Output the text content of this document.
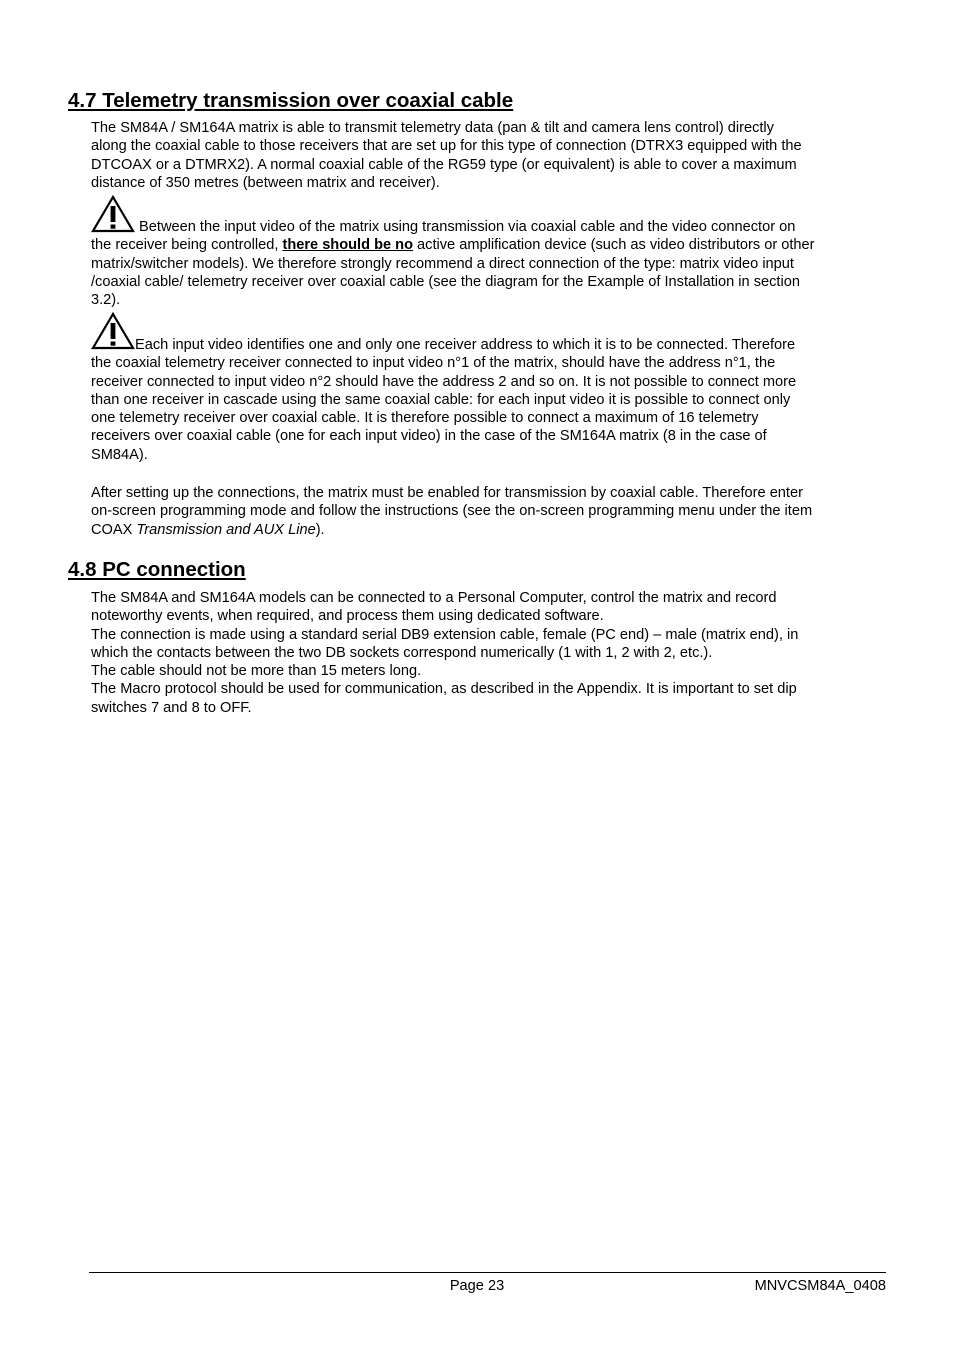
4.7 Telemetry transmission over coaxial cable

The SM84A / SM164A matrix is able to transmit telemetry data (pan & tilt and camera lens control) directly
along the coaxial cable to those receivers that are set up for this type of connection (DTRX3 equipped with the
DTCOAX or a DTMRX2). A normal coaxial cable of the RG59 type (or equivalent) is able to cover a maximum
distance of 350 metres (between matrix and receiver).

Between the input video of the matrix using transmission via coaxial cable and the video connector on
the receiver being controlled, there should be no active amplification device (such as video distributors or other
matrix/switcher models). We therefore strongly recommend a direct connection of the type: matrix video input
/coaxial cable/ telemetry receiver over coaxial cable (see the diagram for the Example of Installation in section
3.2).

Each input video identifies one and only one receiver address to which it is to be connected. Therefore
the coaxial telemetry receiver connected to input video n°1 of the matrix, should have the address n°1, the
receiver connected to input video n°2 should have the address 2 and so on. It is not possible to connect more
than one receiver in cascade using the same coaxial cable: for each input video it is possible to connect only
one telemetry receiver over coaxial cable. It is therefore possible to connect a maximum of 16 telemetry
receivers over coaxial cable (one for each input video) in the case of the SM164A matrix (8 in the case of
SM84A).

After setting up the connections, the matrix must be enabled for transmission by coaxial cable. Therefore enter
on-screen programming mode and follow the instructions (see the on-screen programming menu under the item
COAX Transmission and AUX Line).

4.8 PC connection

The SM84A and SM164A models can be connected to a Personal Computer, control the matrix and record
noteworthy events, when required, and process them using dedicated software.
The connection is made using a standard serial DB9 extension cable, female (PC end) – male (matrix end), in
which the contacts between the two DB sockets correspond numerically (1 with 1, 2 with 2, etc.).
The cable should not be more than 15 meters long.
The Macro protocol should be used for communication, as described in the Appendix. It is important to set dip
switches 7 and 8 to OFF.

Page 23	MNVCSM84A_0408
